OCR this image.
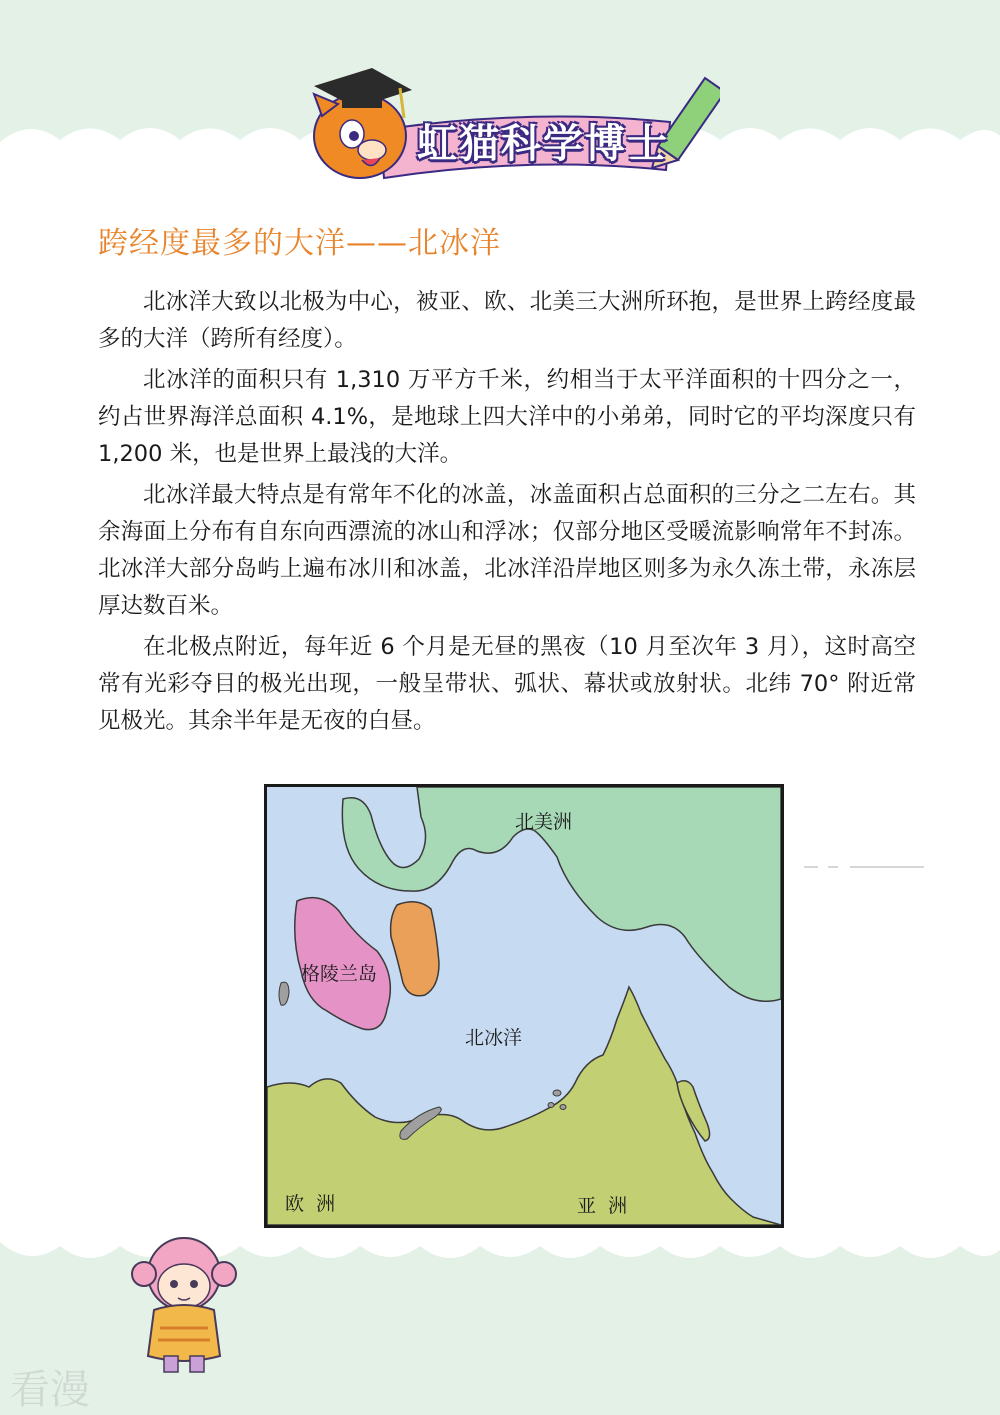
虹猫科学博士
跨经度最多的大洋——北冰洋

北冰洋大致以北极为中心，被亚、欧、北美三大洲所环抱，是世界上跨经度最多的大洋（跨所有经度）。

北冰洋的面积只有 1,310 万平方千米，约相当于太平洋面积的十四分之一，约占世界海洋总面积 4.1%，是地球上四大洋中的小弟弟，同时它的平均深度只有 1,200 米，也是世界上最浅的大洋。

北冰洋最大特点是有常年不化的冰盖，冰盖面积占总面积的三分之二左右。其余海面上分布有自东向西漂流的冰山和浮冰；仅部分地区受暖流影响常年不封冻。北冰洋大部分岛屿上遍布冰川和冰盖，北冰洋沿岸地区则多为永久冻土带，永冻层厚达数百米。

在北极点附近，每年近 6 个月是无昼的黑夜（10 月至次年 3 月），这时高空常有光彩夺目的极光出现，一般呈带状、弧状、幕状或放射状。北纬 70° 附近常见极光。其余半年是无夜的白昼。

北美洲
格陵兰岛
北冰洋
欧  洲	亚  洲
看漫
